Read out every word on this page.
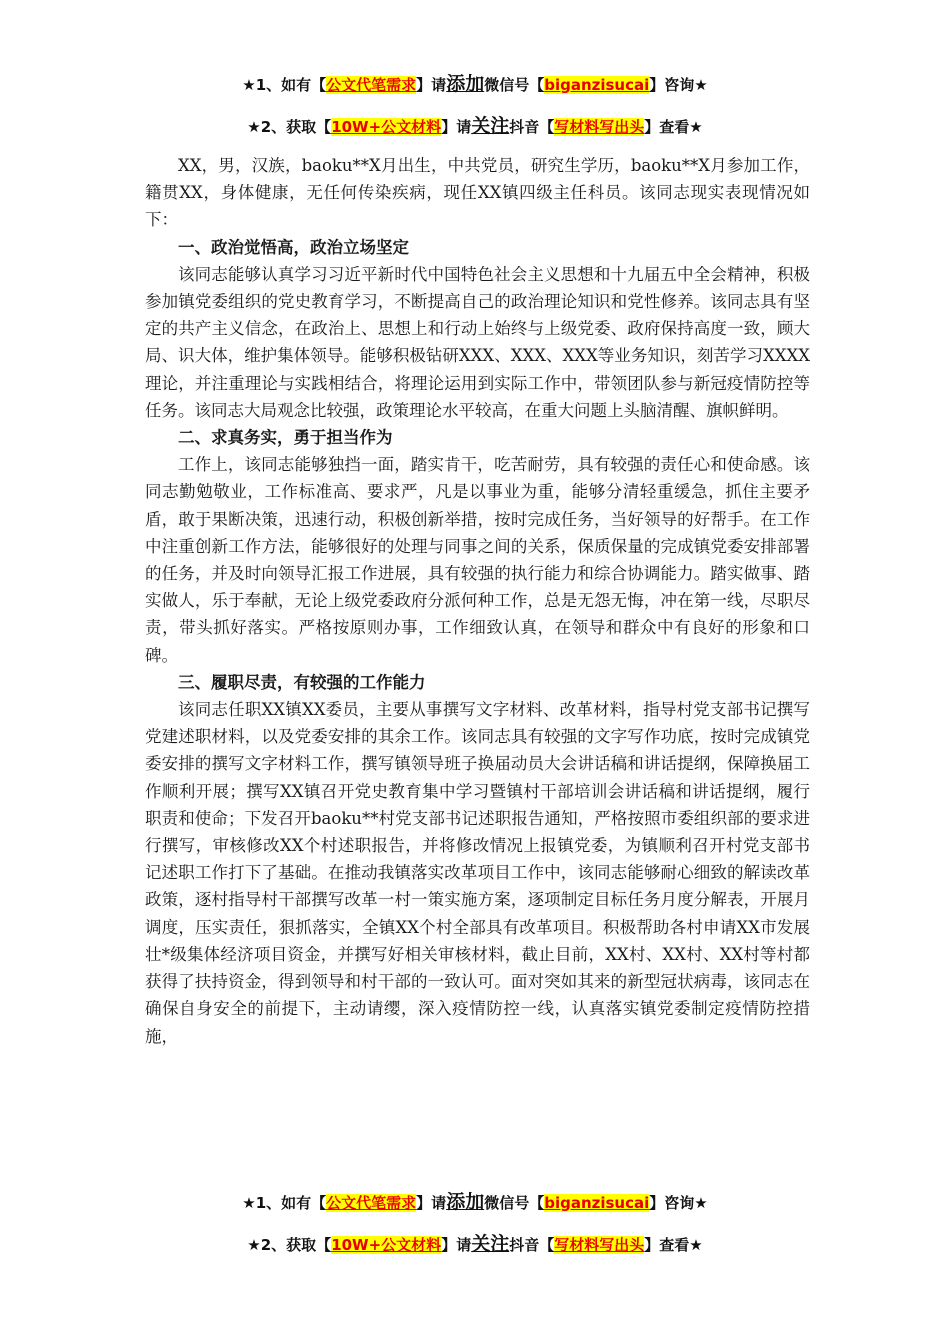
★1、如有【公文代笔需求】请添加微信号【biganzisucai】咨询★
★2、获取【10W+公文材料】请关注抖音【写材料写出头】查看★

XX，男，汉族，baoku**X月出生，中共党员，研究生学历，baoku**X月参加工作，籍贯XX，身体健康，无任何传染疾病，现任XX镇四级主任科员。该同志现实表现情况如下：

一、政治觉悟高，政治立场坚定

该同志能够认真学习习近平新时代中国特色社会主义思想和十九届五中全会精神，积极参加镇党委组织的党史教育学习，不断提高自己的政治理论知识和党性修养。该同志具有坚定的共产主义信念，在政治上、思想上和行动上始终与上级党委、政府保持高度一致，顾大局、识大体，维护集体领导。能够积极钻研XXX、XXX、XXX等业务知识，刻苦学习XXXX理论，并注重理论与实践相结合，将理论运用到实际工作中，带领团队参与新冠疫情防控等任务。该同志大局观念比较强，政策理论水平较高，在重大问题上头脑清醒、旗帜鲜明。

二、求真务实，勇于担当作为

工作上，该同志能够独挡一面，踏实肯干，吃苦耐劳，具有较强的责任心和使命感。该同志勤勉敬业，工作标准高、要求严，凡是以事业为重，能够分清轻重缓急，抓住主要矛盾，敢于果断决策，迅速行动，积极创新举措，按时完成任务，当好领导的好帮手。在工作中注重创新工作方法，能够很好的处理与同事之间的关系，保质保量的完成镇党委安排部署的任务，并及时向领导汇报工作进展，具有较强的执行能力和综合协调能力。踏实做事、踏实做人，乐于奉献，无论上级党委政府分派何种工作，总是无怨无悔，冲在第一线，尽职尽责，带头抓好落实。严格按原则办事，工作细致认真，在领导和群众中有良好的形象和口碑。

三、履职尽责，有较强的工作能力

该同志任职XX镇XX委员，主要从事撰写文字材料、改革材料，指导村党支部书记撰写党建述职材料，以及党委安排的其余工作。该同志具有较强的文字写作功底，按时完成镇党委安排的撰写文字材料工作，撰写镇领导班子换届动员大会讲话稿和讲话提纲，保障换届工作顺利开展；撰写XX镇召开党史教育集中学习暨镇村干部培训会讲话稿和讲话提纲，履行职责和使命；下发召开baoku**村党支部书记述职报告通知，严格按照市委组织部的要求进行撰写，审核修改XX个村述职报告，并将修改情况上报镇党委，为镇顺利召开村党支部书记述职工作打下了基础。在推动我镇落实改革项目工作中，该同志能够耐心细致的解读改革政策，逐村指导村干部撰写改革一村一策实施方案，逐项制定目标任务月度分解表，开展月调度，压实责任，狠抓落实，全镇XX个村全部具有改革项目。积极帮助各村申请XX市发展壮*级集体经济项目资金，并撰写好相关审核材料，截止目前，XX村、XX村、XX村等村都获得了扶持资金，得到领导和村干部的一致认可。面对突如其来的新型冠状病毒，该同志在确保自身安全的前提下，主动请缨，深入疫情防控一线，认真落实镇党委制定疫情防控措施，

★1、如有【公文代笔需求】请添加微信号【biganzisucai】咨询★
★2、获取【10W+公文材料】请关注抖音【写材料写出头】查看★
